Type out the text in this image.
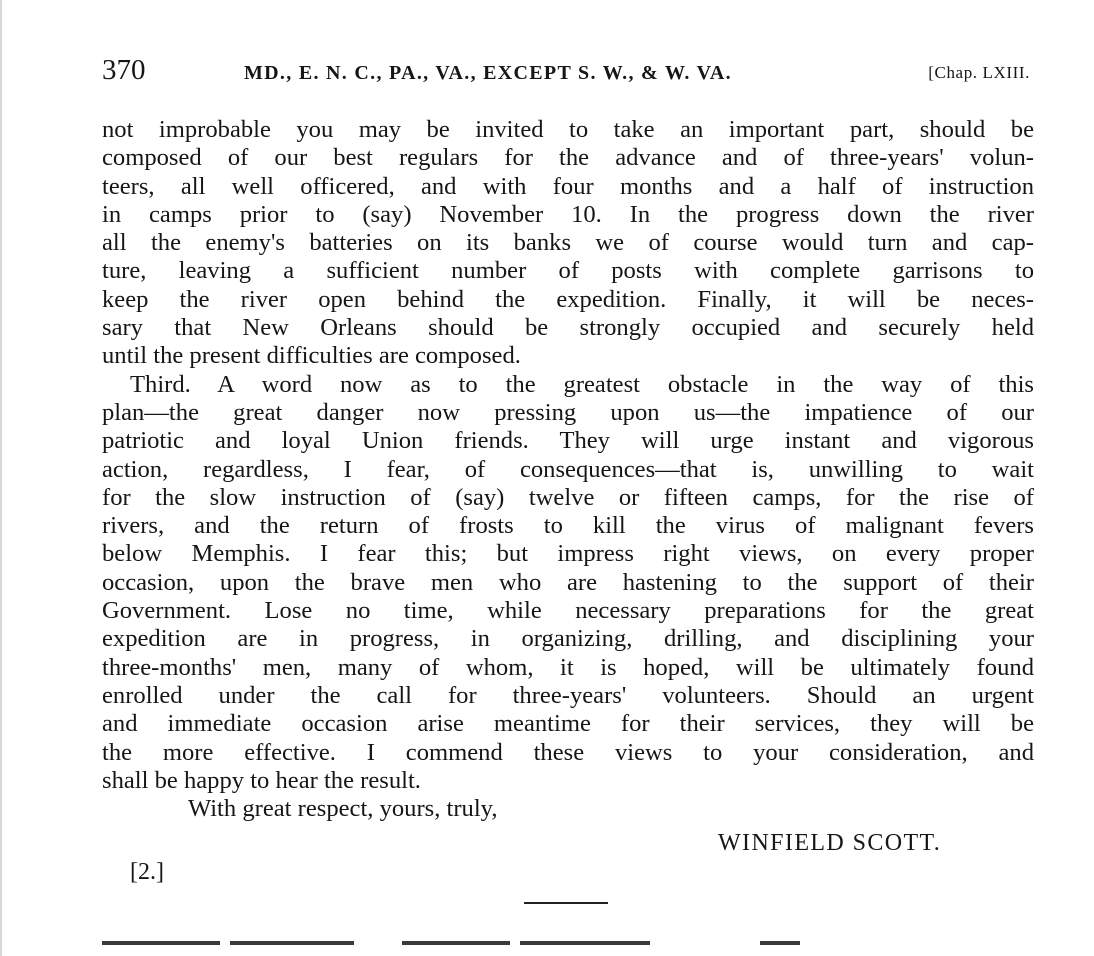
370	MD., E. N. C., PA., VA., EXCEPT S. W., & W. VA.	[Chap. LXIII.
not improbable you may be invited to take an important part, should be
composed of our best regulars for the advance and of three-years' volun-
teers, all well officered, and with four months and a half of instruction
in camps prior to (say) November 10. In the progress down the river
all the enemy's batteries on its banks we of course would turn and cap-
ture, leaving a sufficient number of posts with complete garrisons to
keep the river open behind the expedition. Finally, it will be neces-
sary that New Orleans should be strongly occupied and securely held
until the present difficulties are composed.
Third. A word now as to the greatest obstacle in the way of this
plan—the great danger now pressing upon us—the impatience of our
patriotic and loyal Union friends. They will urge instant and vigorous
action, regardless, I fear, of consequences—that is, unwilling to wait
for the slow instruction of (say) twelve or fifteen camps, for the rise of
rivers, and the return of frosts to kill the virus of malignant fevers
below Memphis. I fear this; but impress right views, on every proper
occasion, upon the brave men who are hastening to the support of their
Government. Lose no time, while necessary preparations for the great
expedition are in progress, in organizing, drilling, and disciplining your
three-months' men, many of whom, it is hoped, will be ultimately found
enrolled under the call for three-years' volunteers. Should an urgent
and immediate occasion arise meantime for their services, they will be
the more effective. I commend these views to your consideration, and
shall be happy to hear the result.
With great respect, yours, truly,
WINFIELD SCOTT.
[2.]
